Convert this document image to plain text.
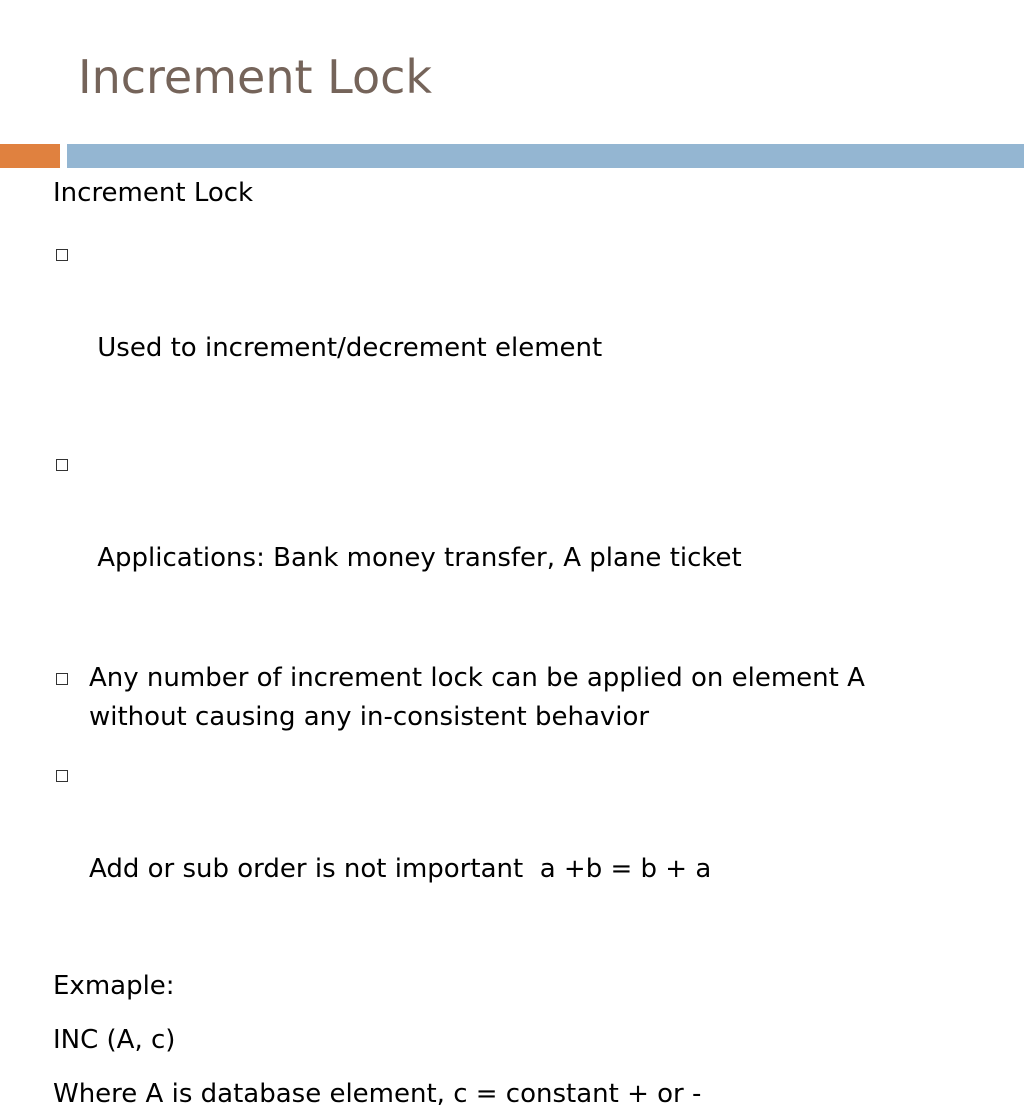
Increment Lock

Increment Lock

Used to increment/decrement element

Applications: Bank money transfer, A plane ticket

Any number of increment lock can be applied on element A without causing any in-consistent behavior

Add or sub order is not important  a +b = b + a

Exmaple:

INC (A, c)

Where A is database element, c = constant + or -
